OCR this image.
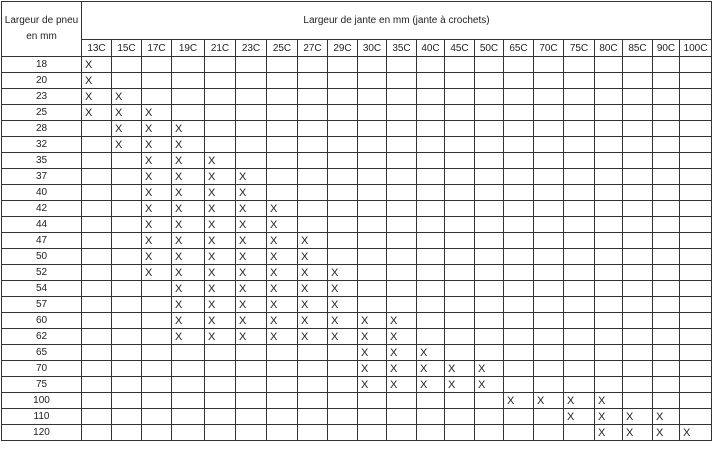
Largeur de pneu en mm	Largeur de jante en mm (jante à crochets)																				
	13C	15C	17C	19C	21C	23C	25C	27C	29C	30C	35C	40C	45C	50C	65C	70C	75C	80C	85C	90C	100C
18	X																				
20	X																				
23	X	X																			
25	X	X	X																		
28		X	X	X																	
32		X	X	X																	
35			X	X	X																
37			X	X	X	X															
40			X	X	X	X															
42			X	X	X	X	X														
44			X	X	X	X	X														
47			X	X	X	X	X	X													
50			X	X	X	X	X	X													
52			X	X	X	X	X	X	X												
54				X	X	X	X	X	X												
57				X	X	X	X	X	X												
60				X	X	X	X	X	X	X	X										
62				X	X	X	X	X	X	X	X										
65										X	X	X									
70										X	X	X	X	X							
75										X	X	X	X	X							
100															X	X	X	X			
110																	X	X	X	X	
120																		X	X	X	X
